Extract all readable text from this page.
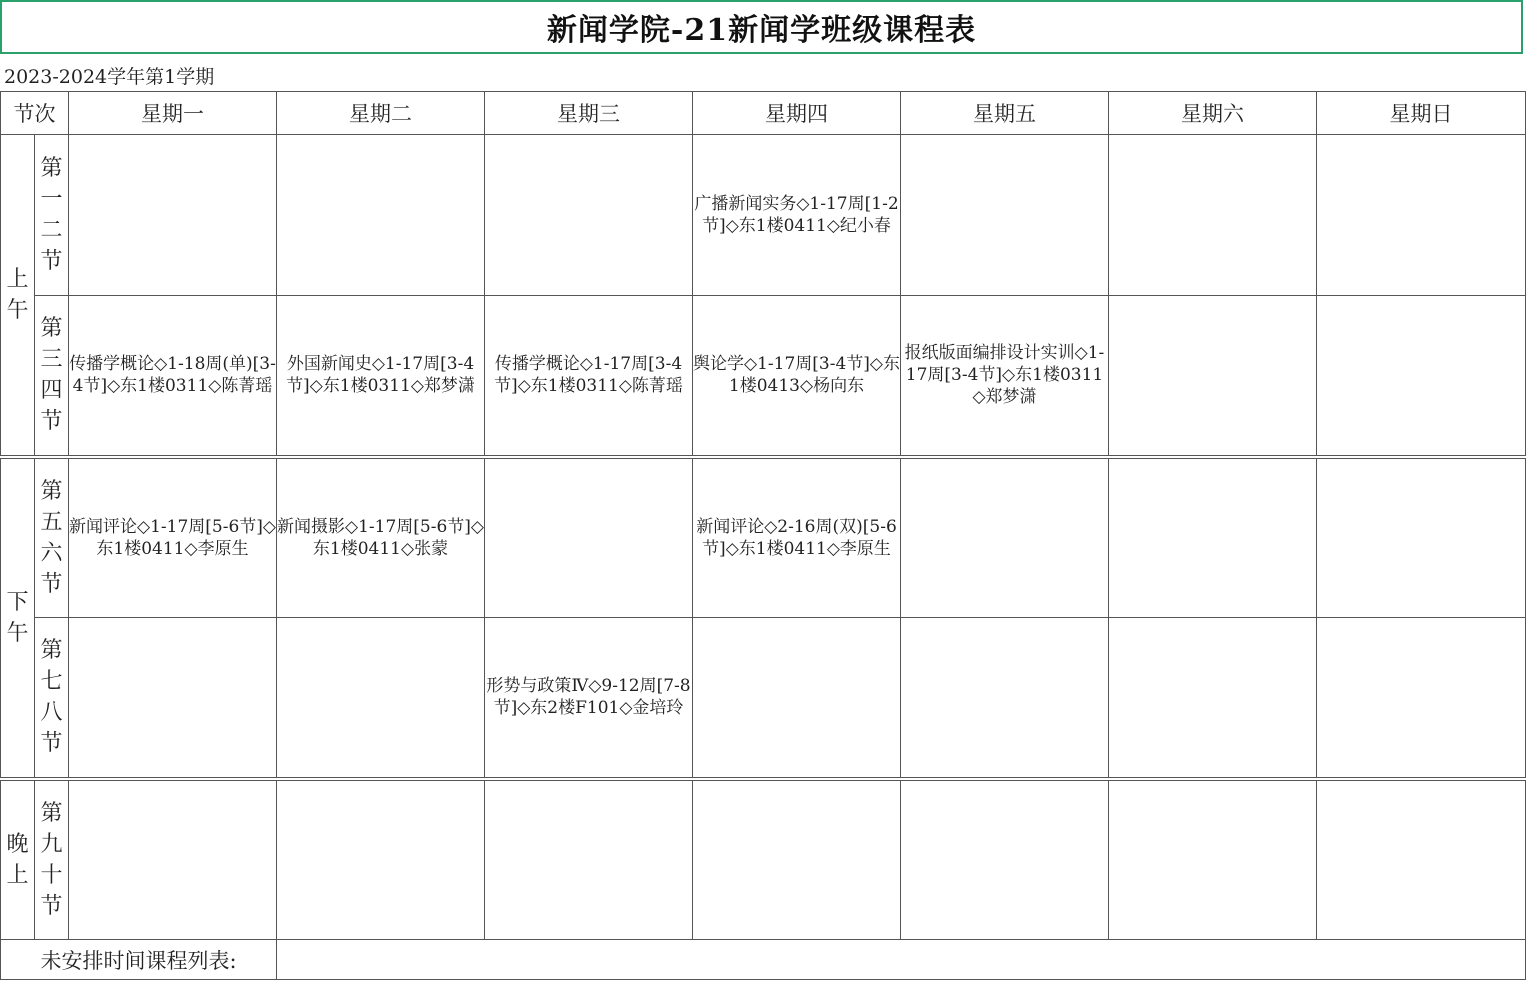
新闻学院-21新闻学班级课程表
2023-2024学年第1学期
节次		星期一	星期二	星期三	星期四	星期五	星期六	星期日
上午	第一二节				广播新闻实务◇1-17周[1-2节]◇东1楼0411◇纪小春			
	第三四节	传播学概论◇1-18周(单)[3-4节]◇东1楼0311◇陈菁瑶	外国新闻史◇1-17周[3-4节]◇东1楼0311◇郑梦潇	传播学概论◇1-17周[3-4节]◇东1楼0311◇陈菁瑶	舆论学◇1-17周[3-4节]◇东1楼0413◇杨向东	报纸版面编排设计实训◇1-17周[3-4节]◇东1楼0311◇郑梦潇		
下午	第五六节	新闻评论◇1-17周[5-6节]◇东1楼0411◇李原生	新闻摄影◇1-17周[5-6节]◇东1楼0411◇张蒙		新闻评论◇2-16周(双)[5-6节]◇东1楼0411◇李原生			
	第七八节			形势与政策Ⅳ◇9-12周[7-8节]◇东2楼F101◇金培玲				
晚上	第九十节							
未安排时间课程列表:								
